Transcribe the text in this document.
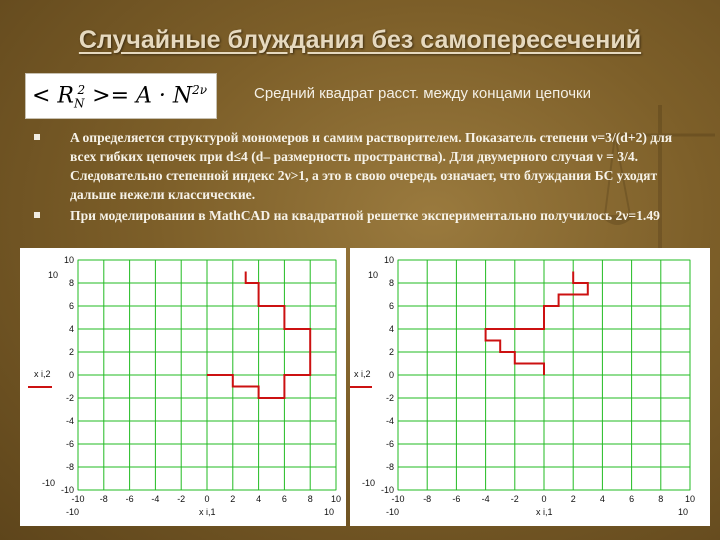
Случайные блуждания без самопересечений
< $R_N^2 >= A \cdot N^{2\nu}$	Средний квадрат расст. между концами цепочки
A определяется структурой мономеров и самим растворителем. Показатель степени ν=3/(d+2) для всех гибких цепочек при d≤4 (d– размерность пространства). Для двумерного случая ν = 3/4. Следовательно степенной индекс 2ν>1, а это в свою очередь означает, что блуждания БС уходят дальше нежели классические.
При моделировании в MathCAD на квадратной решетке экспериментально получилось 2ν=1.49
-10 -8 -6 -4 -2 0 2 4 6 8 10
10
8
6
4
2
0
-2
-4
-6
-8
-10
10
-10
-10	10
x i,2
x i,1
-10 -8 -6 -4 -2	0	2	4	6	8 10
10
8
6
4
2
0
-2
-4
-6
-8
-10
10
-10
-10	10
x i,2
x i,1
